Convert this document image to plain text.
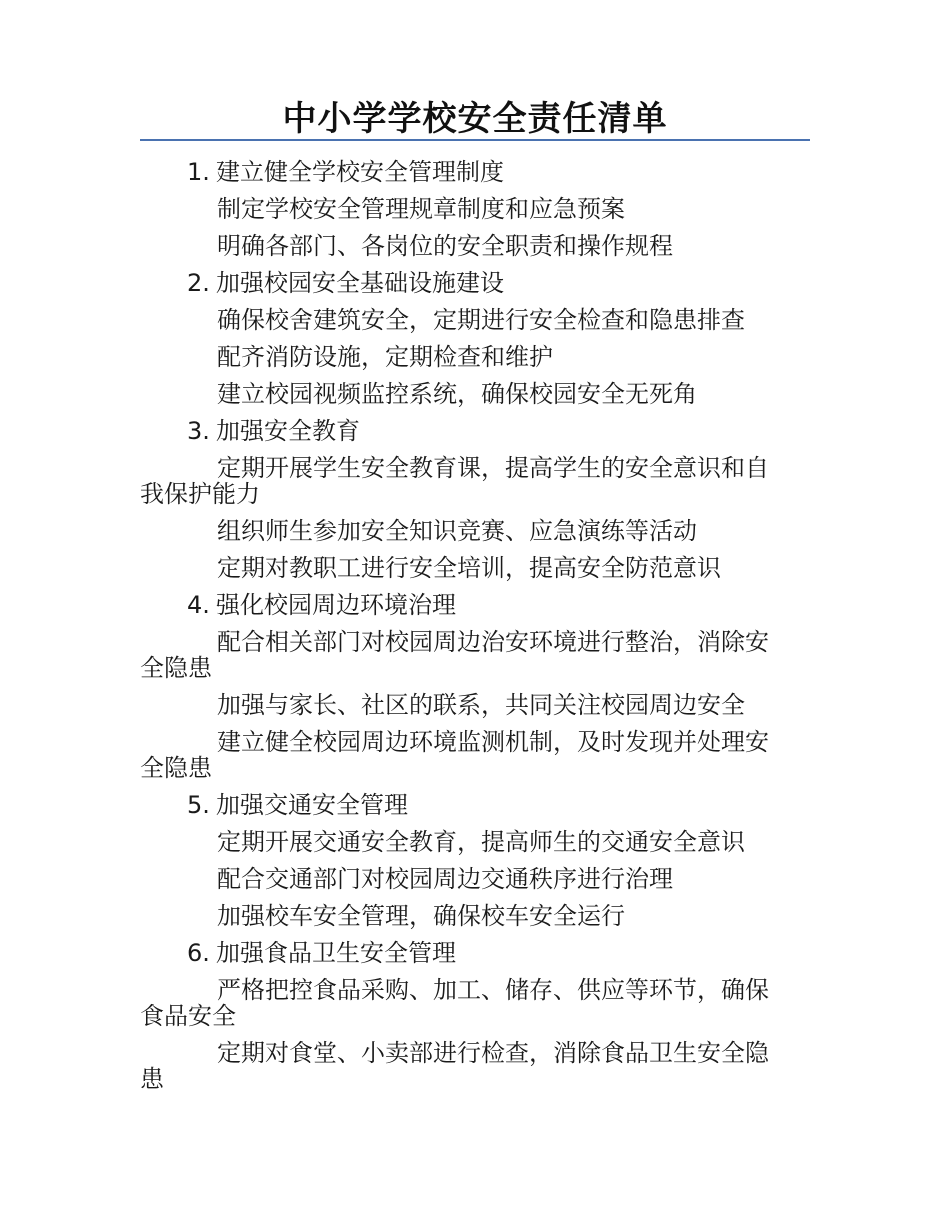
中小学学校安全责任清单
1. 建立健全学校安全管理制度
制定学校安全管理规章制度和应急预案
明确各部门、各岗位的安全职责和操作规程
2. 加强校园安全基础设施建设
确保校舍建筑安全，定期进行安全检查和隐患排查
配齐消防设施，定期检查和维护
建立校园视频监控系统，确保校园安全无死角
3. 加强安全教育
定期开展学生安全教育课，提高学生的安全意识和自我保护能力
组织师生参加安全知识竞赛、应急演练等活动
定期对教职工进行安全培训，提高安全防范意识
4. 强化校园周边环境治理
配合相关部门对校园周边治安环境进行整治，消除安全隐患
加强与家长、社区的联系，共同关注校园周边安全
建立健全校园周边环境监测机制，及时发现并处理安全隐患
5. 加强交通安全管理
定期开展交通安全教育，提高师生的交通安全意识
配合交通部门对校园周边交通秩序进行治理
加强校车安全管理，确保校车安全运行
6. 加强食品卫生安全管理
严格把控食品采购、加工、储存、供应等环节，确保食品安全
定期对食堂、小卖部进行检查，消除食品卫生安全隐患
